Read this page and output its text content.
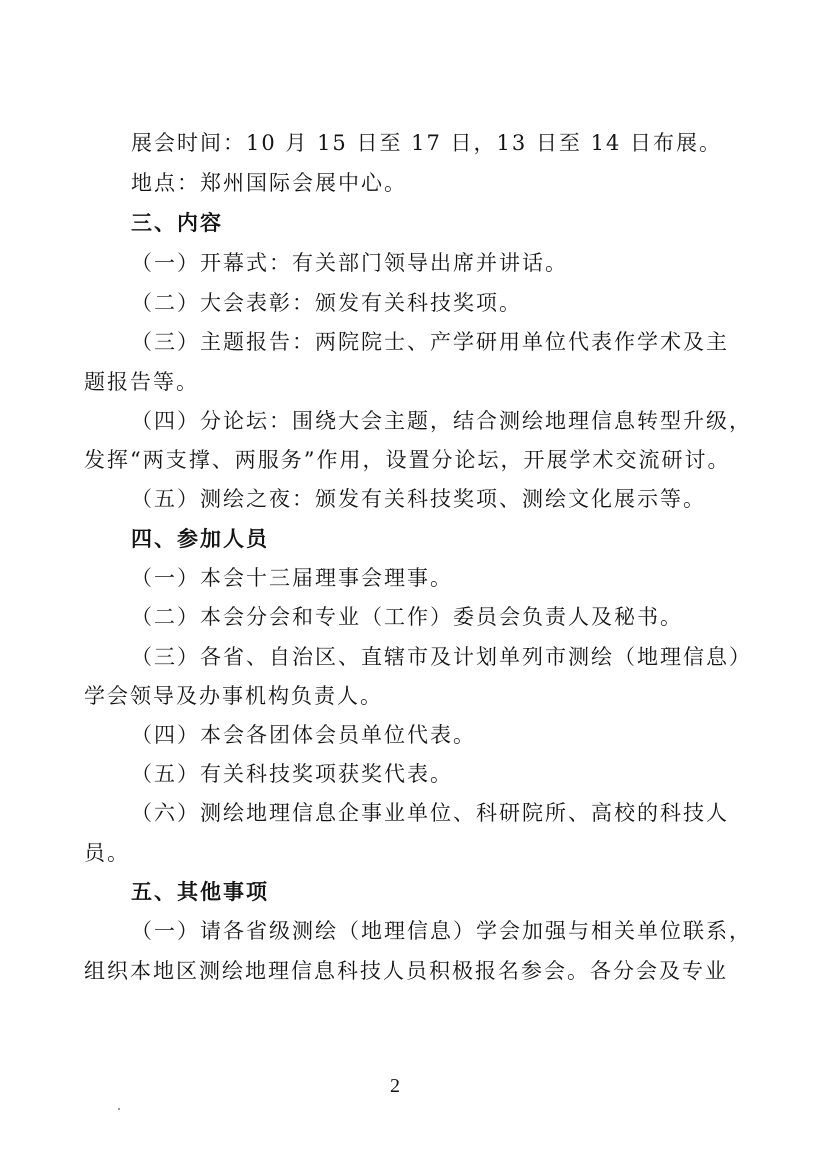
展会时间：10 月 15 日至 17 日，13 日至 14 日布展。
地点：郑州国际会展中心。
三、内容
（一）开幕式：有关部门领导出席并讲话。
（二）大会表彰：颁发有关科技奖项。
（三）主题报告：两院院士、产学研用单位代表作学术及主
题报告等。
（四）分论坛：围绕大会主题，结合测绘地理信息转型升级，
发挥“两支撑、两服务”作用，设置分论坛，开展学术交流研讨。
（五）测绘之夜：颁发有关科技奖项、测绘文化展示等。
四、参加人员
（一）本会十三届理事会理事。
（二）本会分会和专业（工作）委员会负责人及秘书。
（三）各省、自治区、直辖市及计划单列市测绘（地理信息）
学会领导及办事机构负责人。
（四）本会各团体会员单位代表。
（五）有关科技奖项获奖代表。
（六）测绘地理信息企事业单位、科研院所、高校的科技人
员。
五、其他事项
（一）请各省级测绘（地理信息）学会加强与相关单位联系，
组织本地区测绘地理信息科技人员积极报名参会。各分会及专业
2
